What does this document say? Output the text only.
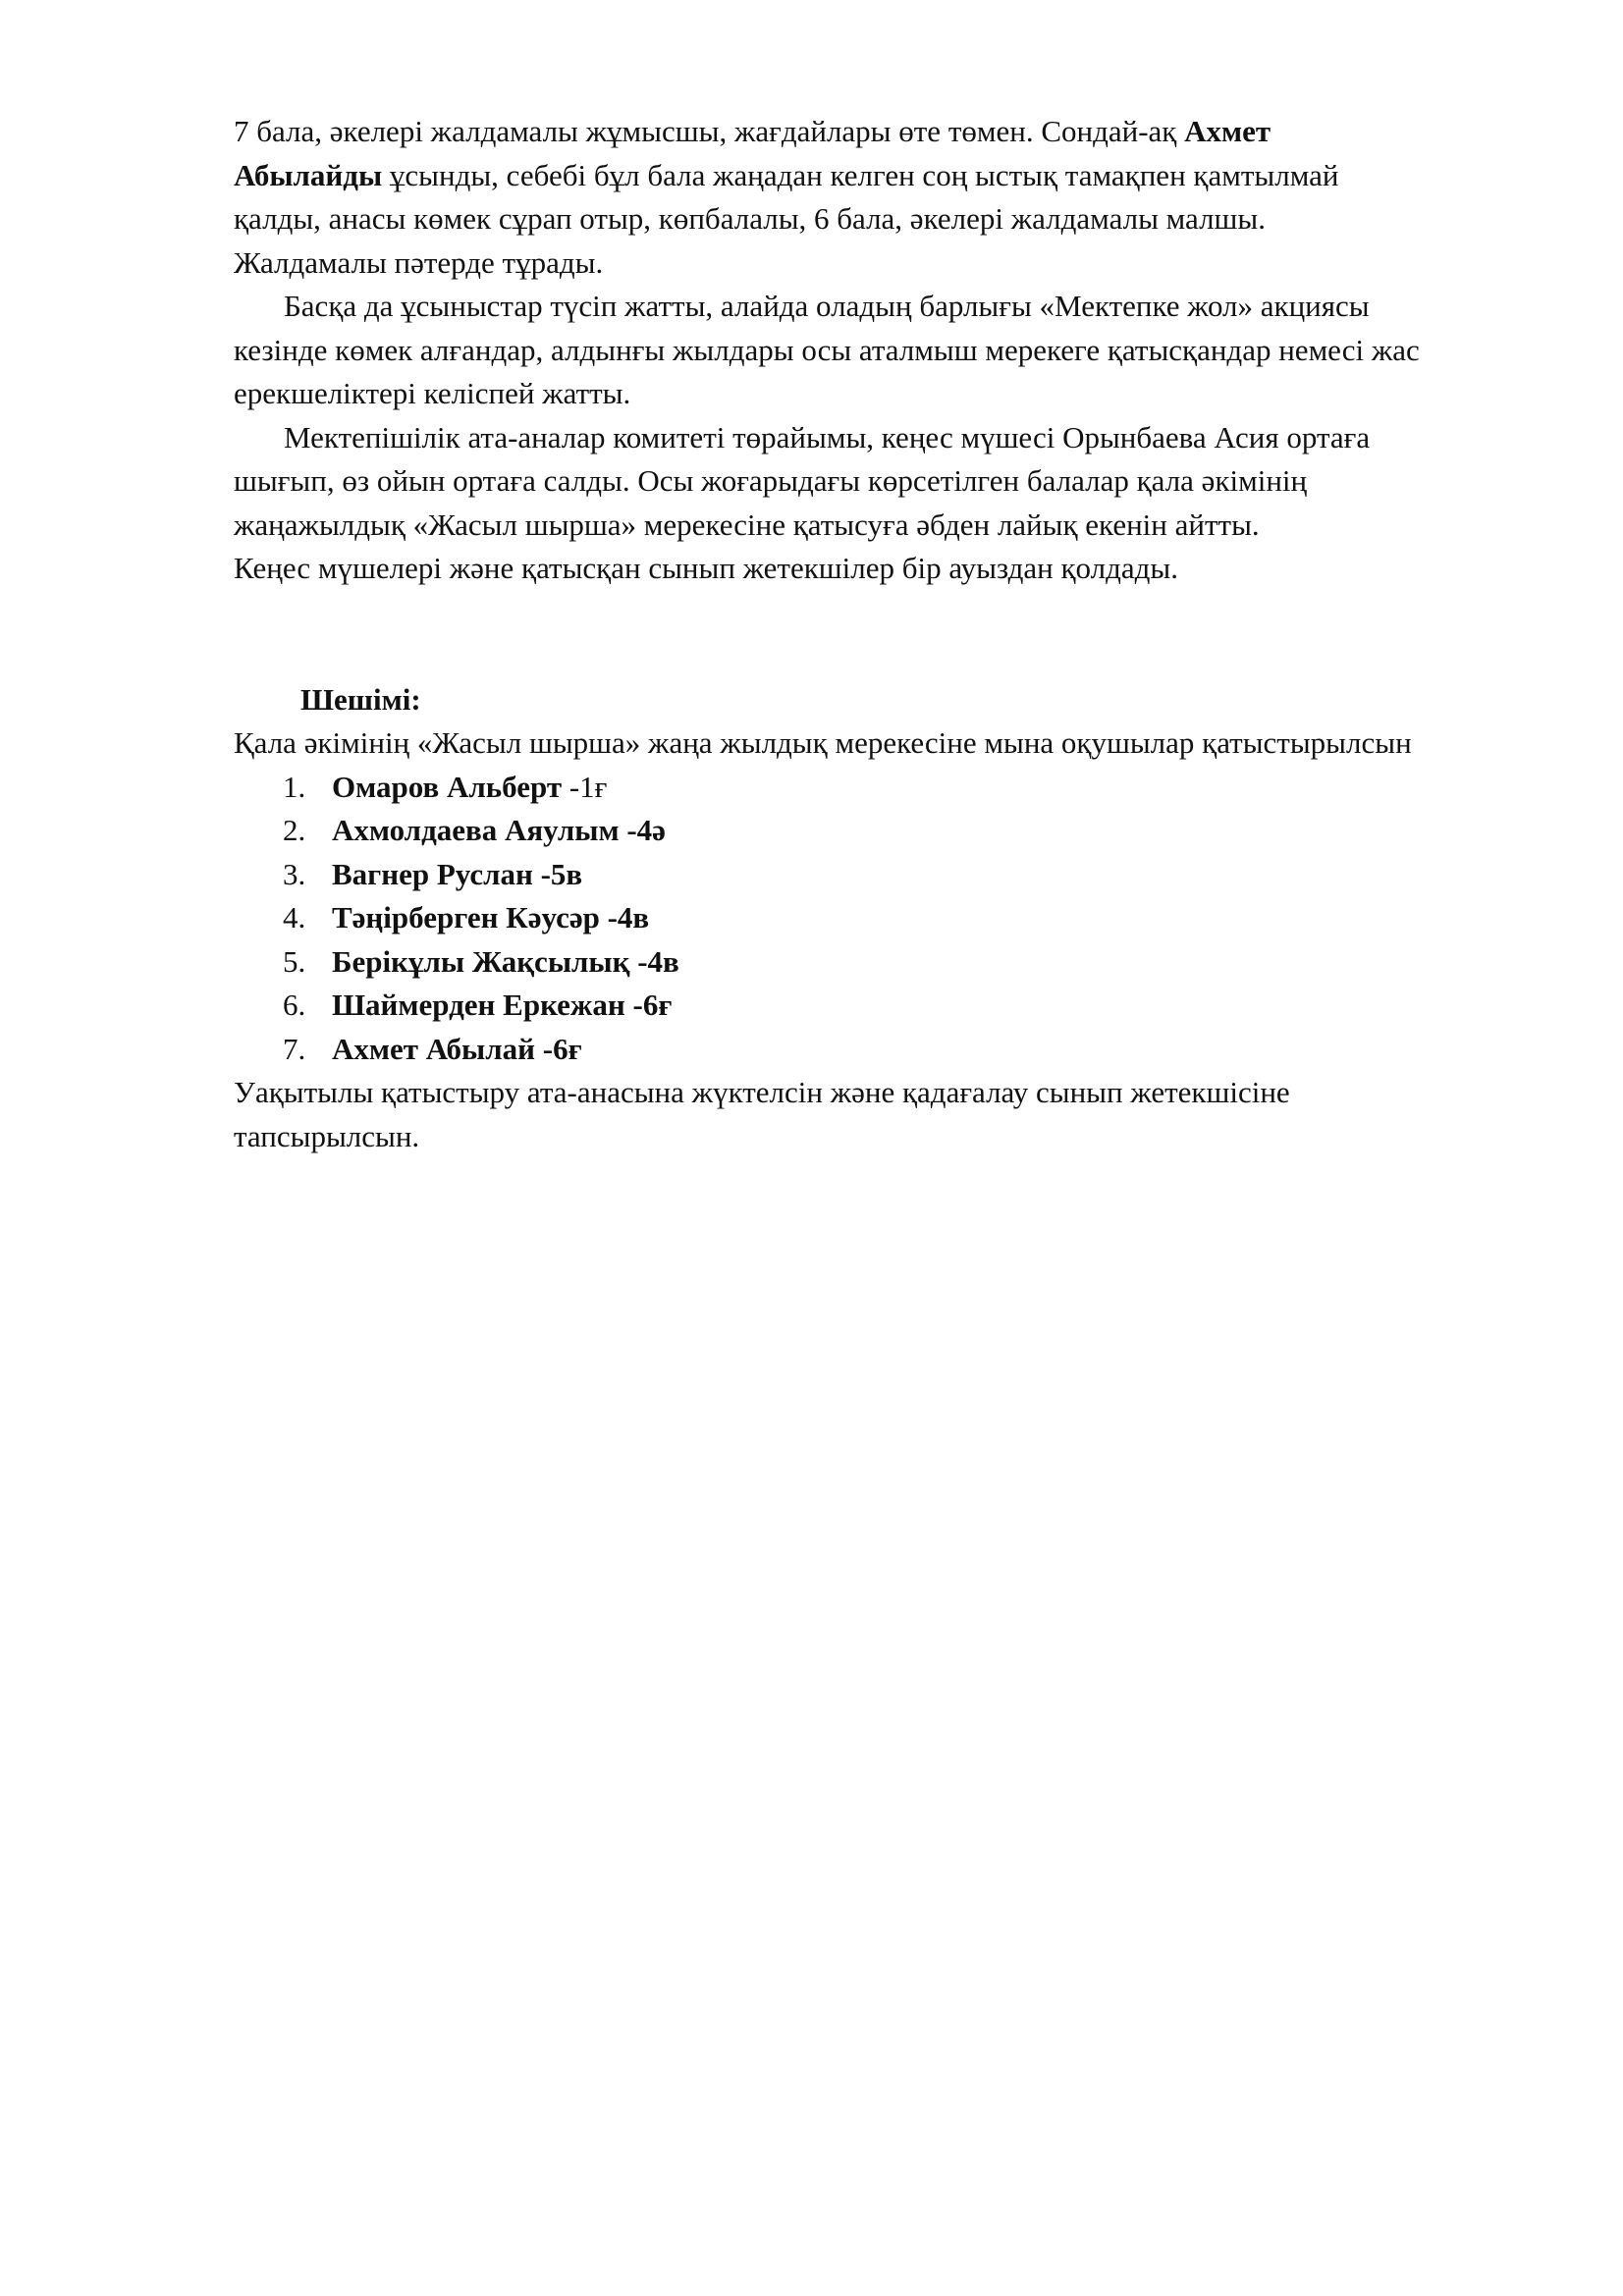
7 бала, әкелері жалдамалы жұмысшы, жағдайлары өте төмен. Сондай-ақ Ахмет
Абылайды ұсынды, себебі бұл бала жаңадан келген соң ыстық тамақпен қамтылмай
қалды, анасы көмек сұрап отыр, көпбалалы, 6 бала, әкелері жалдамалы малшы.
Жалдамалы пәтерде тұрады.

Басқа да ұсыныстар түсіп жатты, алайда оладың барлығы «Мектепке жол» акциясы
кезінде көмек алғандар, алдынғы жылдары осы аталмыш мерекеге қатысқандар немесі жас
ерекшеліктері келіспей жатты.

Мектепішілік ата-аналар комитеті төрайымы, кеңес мүшесі Орынбаева Асия ортаға
шығып, өз ойын ортаға салды. Осы жоғарыдағы көрсетілген балалар қала әкімінің
жаңажылдық «Жасыл шырша» мерекесіне қатысуға әбден лайық екенін айтты.
Кеңес мүшелері және қатысқан сынып жетекшілер бір ауыздан қолдады.

Шешімі:

Қала әкімінің «Жасыл шырша» жаңа жылдық мерекесіне мына оқушылар қатыстырылсын

1. Омаров Альберт -1ғ
2. Ахмолдаева Аяулым -4ә
3. Вагнер Руслан -5в
4. Тәңірберген Кәусәр -4в
5. Берікұлы Жақсылық -4в
6. Шаймерден Еркежан -6ғ
7. Ахмет Абылай -6ғ

Уақытылы қатыстыру ата-анасына жүктелсін және қадағалау сынып жетекшісіне
тапсырылсын.
